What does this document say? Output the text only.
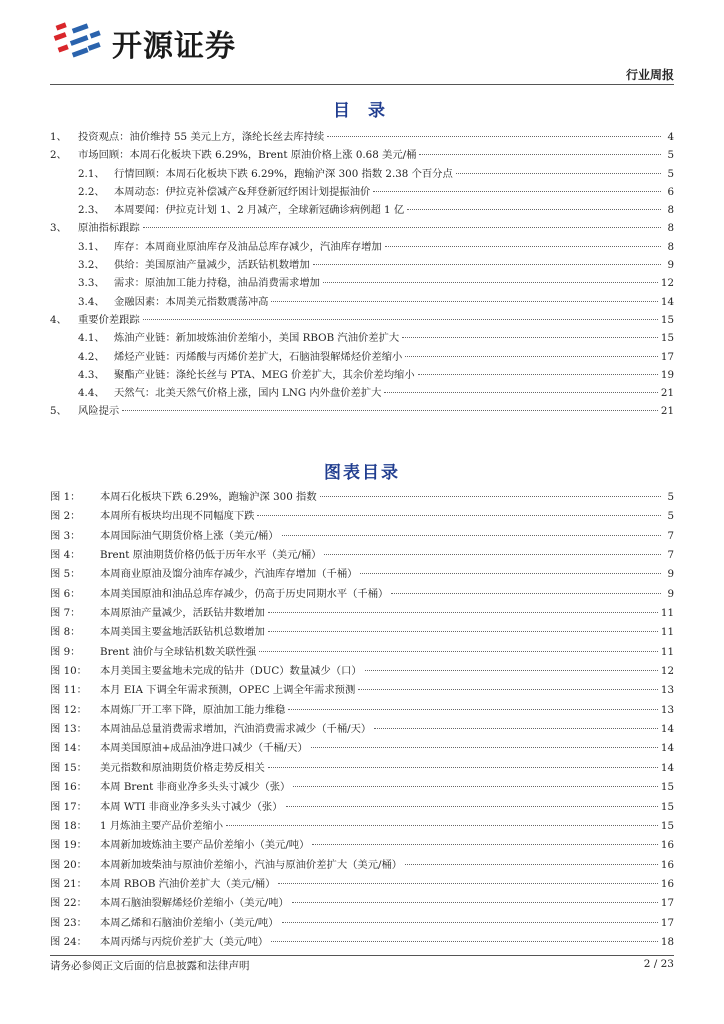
开源证券
行业周报
目 录
1、	投资观点：油价维持 55 美元上方，涤纶长丝去库持续	4
2、	市场回顾：本周石化板块下跌 6.29%，Brent 原油价格上涨 0.68 美元/桶	5
2.1、 行情回顾：本周石化板块下跌 6.29%，跑输沪深 300 指数 2.38 个百分点	5
2.2、 本周动态：伊拉克补偿减产&拜登新冠纾困计划提振油价	6
2.3、 本周要闻：伊拉克计划 1、2 月减产，全球新冠确诊病例超 1 亿	8
3、	原油指标跟踪	8
3.1、 库存：本周商业原油库存及油品总库存减少，汽油库存增加	8
3.2、 供给：美国原油产量减少，活跃钻机数增加	9
3.3、 需求：原油加工能力持稳，油品消费需求增加	12
3.4、 金融因素：本周美元指数震荡冲高	14
4、	重要价差跟踪	15
4.1、 炼油产业链：新加坡炼油价差缩小，美国 RBOB 汽油价差扩大	15
4.2、 烯烃产业链：丙烯酸与丙烯价差扩大，石脑油裂解烯烃价差缩小	17
4.3、 聚酯产业链：涤纶长丝与 PTA、MEG 价差扩大，其余价差均缩小	19
4.4、 天然气：北美天然气价格上涨，国内 LNG 内外盘价差扩大	21
5、	风险提示	21
图表目录
图 1：	本周石化板块下跌 6.29%，跑输沪深 300 指数	5
图 2：	本周所有板块均出现不同幅度下跌	5
图 3：	本周国际油气期货价格上涨（美元/桶）	7
图 4：	Brent 原油期货价格仍低于历年水平（美元/桶）	7
图 5：	本周商业原油及馏分油库存减少，汽油库存增加（千桶）	9
图 6：	本周美国原油和油品总库存减少，仍高于历史同期水平（千桶）	9
图 7：	本周原油产量减少，活跃钻井数增加	11
图 8：	本周美国主要盆地活跃钻机总数增加	11
图 9：	Brent 油价与全球钻机数关联性强	11
图 10：	本月美国主要盆地未完成的钻井（DUC）数量减少（口）	12
图 11：	本月 EIA 下调全年需求预测，OPEC 上调全年需求预测	13
图 12：	本周炼厂开工率下降，原油加工能力维稳	13
图 13：	本周油品总量消费需求增加，汽油消费需求减少（千桶/天）	14
图 14：	本周美国原油+成品油净进口减少（千桶/天）	14
图 15：	美元指数和原油期货价格走势反相关	14
图 16：	本周 Brent 非商业净多头头寸减少（张）	15
图 17：	本周 WTI 非商业净多头头寸减少（张）	15
图 18：	1 月炼油主要产品价差缩小	15
图 19：	本周新加坡炼油主要产品价差缩小（美元/吨）	16
图 20：	本周新加坡柴油与原油价差缩小，汽油与原油价差扩大（美元/桶）	16
图 21：	本周 RBOB 汽油价差扩大（美元/桶）	16
图 22：	本周石脑油裂解烯烃价差缩小（美元/吨）	17
图 23：	本周乙烯和石脑油价差缩小（美元/吨）	17
图 24：	本周丙烯与丙烷价差扩大（美元/吨）	18
请务必参阅正文后面的信息披露和法律声明	2 / 23
